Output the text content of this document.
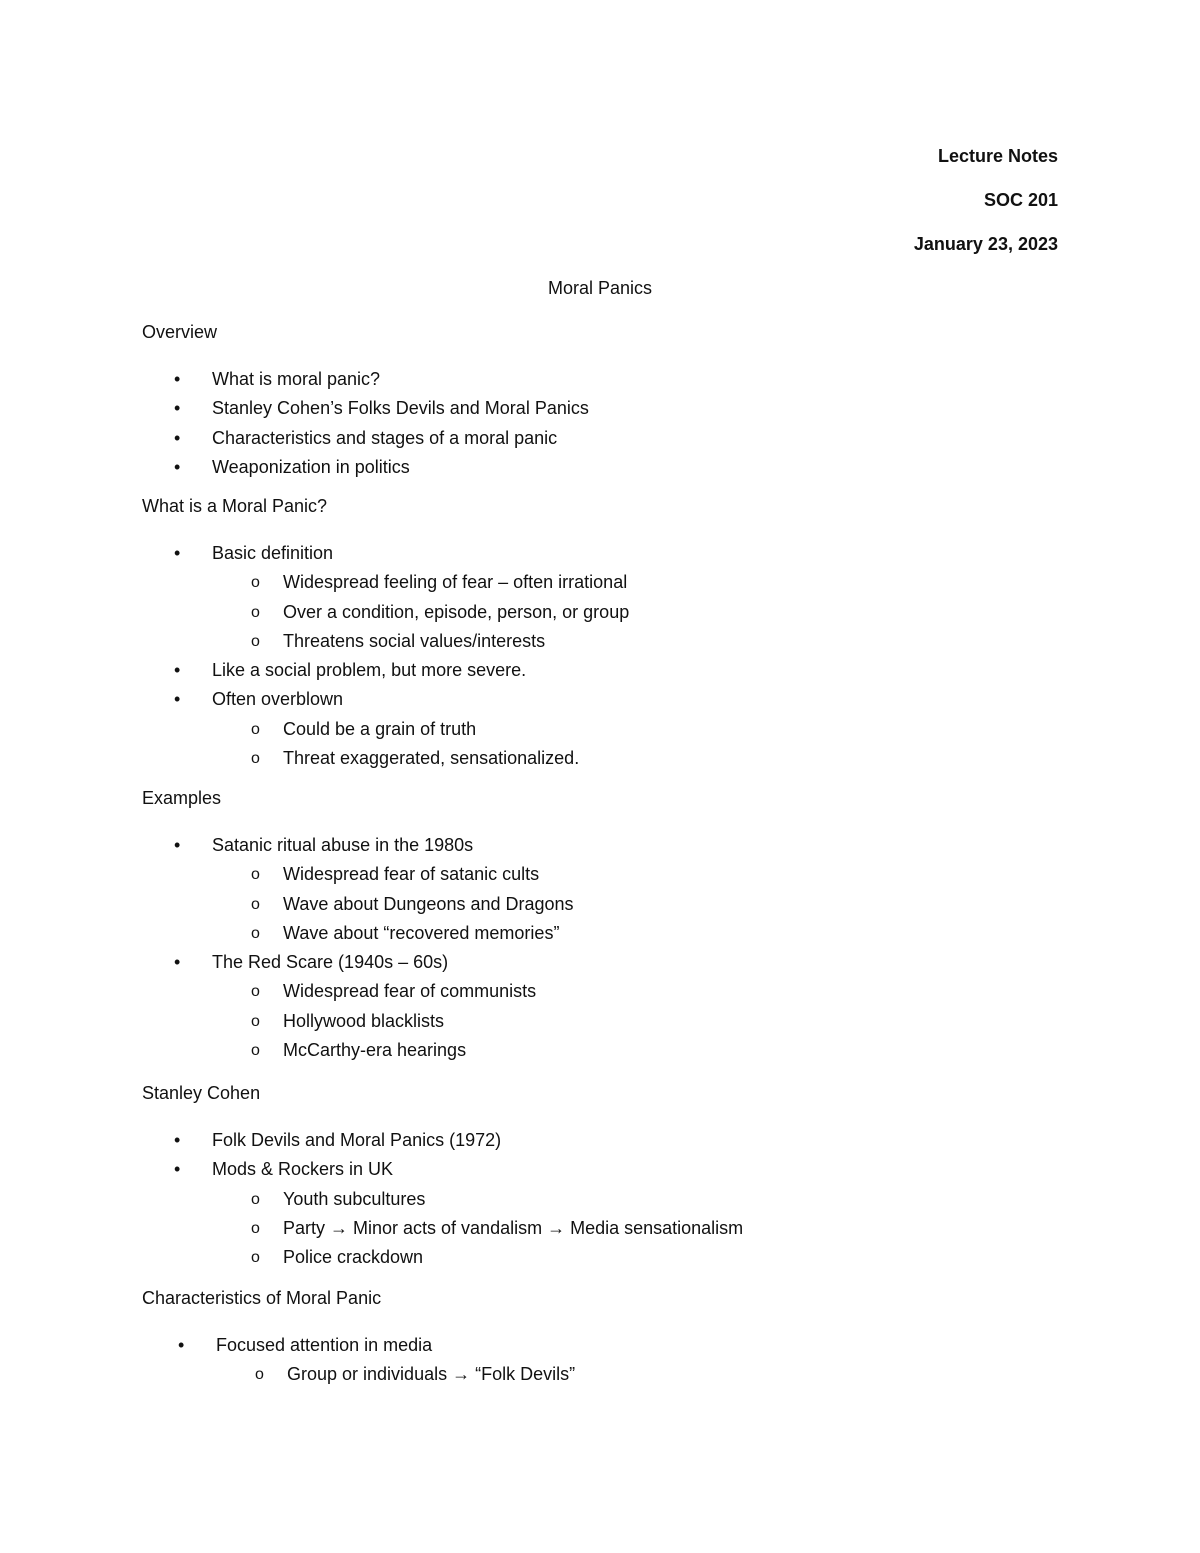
Lecture Notes
SOC 201
January 23, 2023
Moral Panics
Overview
• What is moral panic?
• Stanley Cohen’s Folks Devils and Moral Panics
• Characteristics and stages of a moral panic
• Weaponization in politics
What is a Moral Panic?
• Basic definition
o Widespread feeling of fear – often irrational
o Over a condition, episode, person, or group
o Threatens social values/interests
• Like a social problem, but more severe.
• Often overblown
o Could be a grain of truth
o Threat exaggerated, sensationalized.
Examples
• Satanic ritual abuse in the 1980s
o Widespread fear of satanic cults
o Wave about Dungeons and Dragons
o Wave about “recovered memories”
• The Red Scare (1940s – 60s)
o Widespread fear of communists
o Hollywood blacklists
o McCarthy-era hearings
Stanley Cohen
• Folk Devils and Moral Panics (1972)
• Mods & Rockers in UK
o Youth subcultures
o Party → Minor acts of vandalism → Media sensationalism
o Police crackdown
Characteristics of Moral Panic
• Focused attention in media
o Group or individuals → “Folk Devils”
